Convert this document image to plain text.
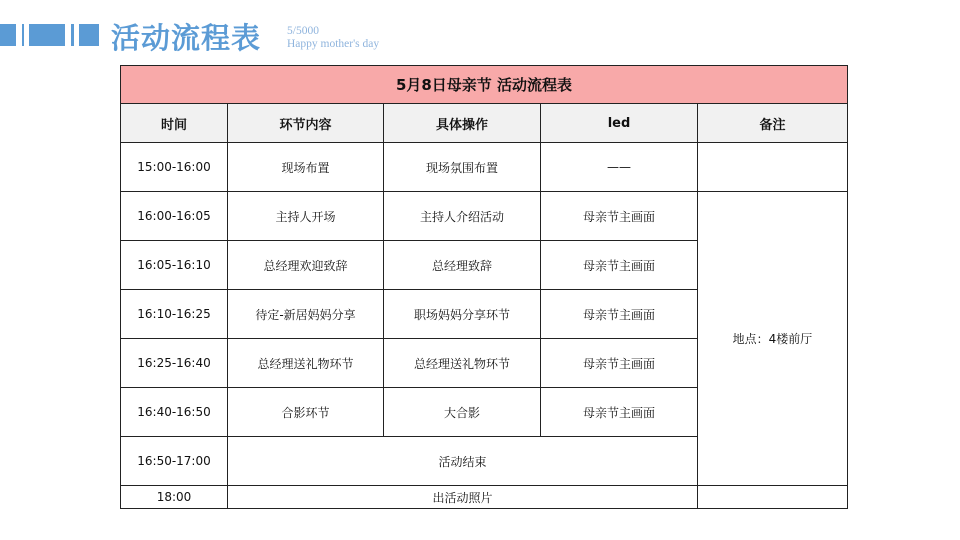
活动流程表 5/5000
Happy mother's day
5月8日母亲节 活动流程表				
时间	环节内容	具体操作	led	备注
15:00-16:00	现场布置	现场氛围布置	——	
16:00-16:05	主持人开场	主持人介绍活动	母亲节主画面	地点：4楼前厅
16:05-16:10	总经理欢迎致辞	总经理致辞	母亲节主画面	
16:10-16:25	待定-新居妈妈分享	职场妈妈分享环节	母亲节主画面	
16:25-16:40	总经理送礼物环节	总经理送礼物环节	母亲节主画面	
16:40-16:50	合影环节	大合影	母亲节主画面	
16:50-17:00	活动结束			
18:00	出活动照片			
